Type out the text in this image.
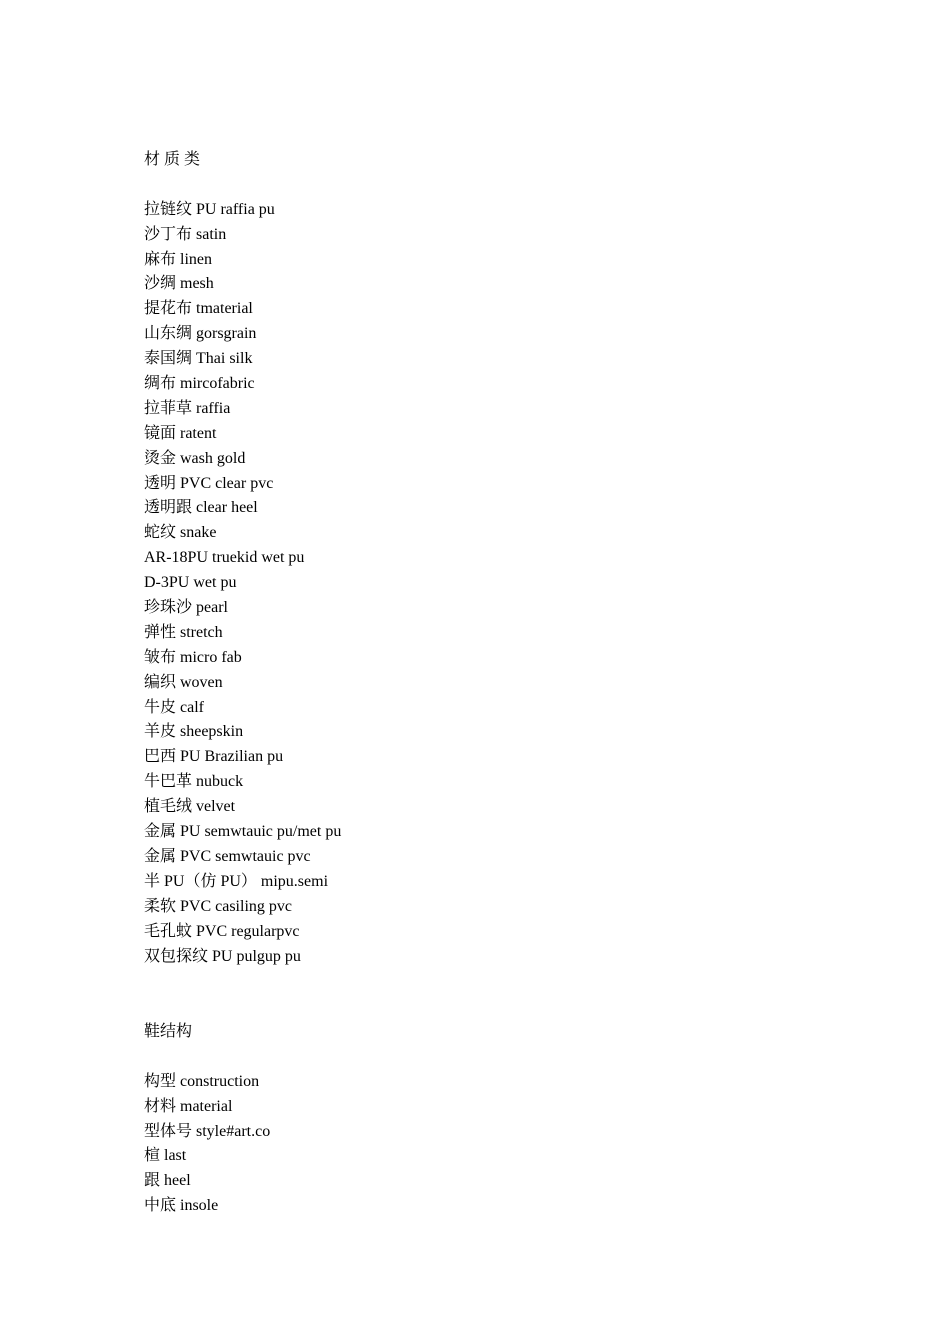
材 质 类
拉链纹 PU raffia pu
沙丁布 satin
麻布 linen
沙绸 mesh
提花布 tmaterial
山东绸 gorsgrain
泰国绸 Thai silk
绸布 mircofabric
拉菲草 raffia
镜面 ratent
烫金 wash gold
透明 PVC clear pvc
透明跟 clear heel
蛇纹 snake
AR-18PU truekid wet pu
D-3PU wet pu
珍珠沙 pearl
弹性 stretch
皱布 micro fab
编织 woven
牛皮 calf
羊皮 sheepskin
巴西 PU Brazilian pu
牛巴革 nubuck
植毛绒 velvet
金属 PU semwtauic pu/met pu
金属 PVC semwtauic pvc
半 PU（仿 PU） mipu.semi
柔软 PVC casiling pvc
毛孔蚊 PVC regularpvc
双包探纹 PU pulgup pu
鞋结构
构型 construction
材料 material
型体号 style#art.co
楦 last
跟 heel
中底 insole
